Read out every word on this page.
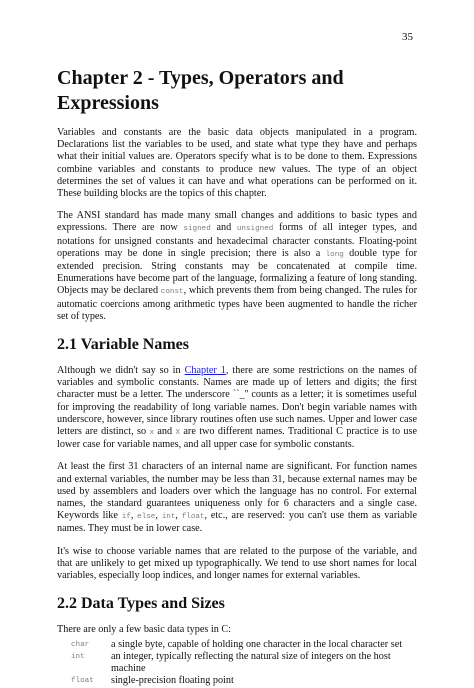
35
Chapter 2 - Types, Operators and
Expressions

Variables and constants are the basic data objects manipulated in a program. Declarations list the variables to be used, and state what type they have and perhaps what their initial values are. Operators specify what is to be done to them. Expressions combine variables and constants to produce new values. The type of an object determines the set of values it can have and what operations can be performed on it. These building blocks are the topics of this chapter.

The ANSI standard has made many small changes and additions to basic types and expressions. There are now signed and unsigned forms of all integer types, and notations for unsigned constants and hexadecimal character constants. Floating-point operations may be done in single precision; there is also a long double type for extended precision. String constants may be concatenated at compile time. Enumerations have become part of the language, formalizing a feature of long standing. Objects may be declared const, which prevents them from being changed. The rules for automatic coercions among arithmetic types have been augmented to handle the richer set of types.

2.1 Variable Names

Although we didn't say so in Chapter 1, there are some restrictions on the names of variables and symbolic constants. Names are made up of letters and digits; the first character must be a letter. The underscore ``_'' counts as a letter; it is sometimes useful for improving the readability of long variable names. Don't begin variable names with underscore, however, since library routines often use such names. Upper and lower case letters are distinct, so x and X are two different names. Traditional C practice is to use lower case for variable names, and all upper case for symbolic constants.

At least the first 31 characters of an internal name are significant. For function names and external variables, the number may be less than 31, because external names may be used by assemblers and loaders over which the language has no control. For external names, the standard guarantees uniqueness only for 6 characters and a single case. Keywords like if, else, int, float, etc., are reserved: you can't use them as variable names. They must be in lower case.

It's wise to choose variable names that are related to the purpose of the variable, and that are unlikely to get mixed up typographically. We tend to use short names for local variables, especially loop indices, and longer names for external variables.

2.2 Data Types and Sizes

There are only a few basic data types in C:

char	a single byte, capable of holding one character in the local character set
int	an integer, typically reflecting the natural size of integers on the host machine
float	single-precision floating point
